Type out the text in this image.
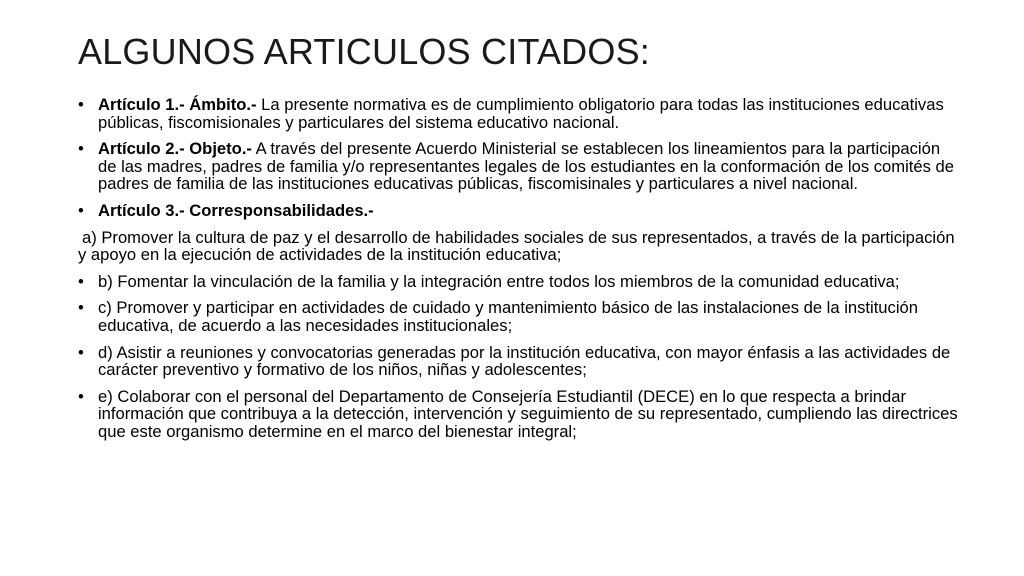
ALGUNOS ARTICULOS CITADOS:
• Artículo 1.- Ámbito.- La presente normativa es de cumplimiento obligatorio para todas las instituciones educativas públicas, fiscomisionales y particulares del sistema educativo nacional.
• Artículo 2.- Objeto.- A través del presente Acuerdo Ministerial se establecen los lineamientos para la participación de las madres, padres de familia y/o representantes legales de los estudiantes en la conformación de los comités de padres de familia de las instituciones educativas públicas, fiscomisinales y particulares a nivel nacional.
• Artículo 3.- Corresponsabilidades.-
a) Promover la cultura de paz y el desarrollo de habilidades sociales de sus representados, a través de la participación y apoyo en la ejecución de actividades de la institución educativa;
• b) Fomentar la vinculación de la familia y la integración entre todos los miembros de la comunidad educativa;
• c) Promover y participar en actividades de cuidado y mantenimiento básico de las instalaciones de la institución educativa, de acuerdo a las necesidades institucionales;
• d) Asistir a reuniones y convocatorias generadas por la institución educativa, con mayor énfasis a las actividades de carácter preventivo y formativo de los niños, niñas y adolescentes;
• e) Colaborar con el personal del Departamento de Consejería Estudiantil (DECE) en lo que respecta a brindar información que contribuya a la detección, intervención y seguimiento de su representado, cumpliendo las directrices que este organismo determine en el marco del bienestar integral;
